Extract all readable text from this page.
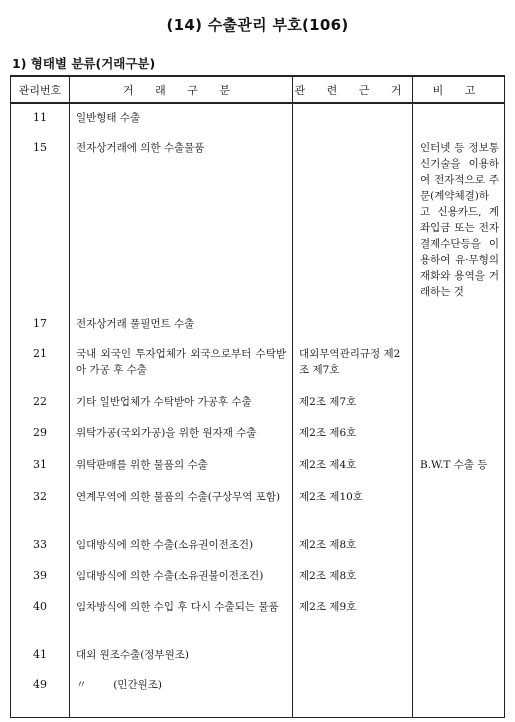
(14) 수출관리 부호(106)
1) 형태별 분류(거래구분)
관리번호	거 래 구 분	관 련 근 거	비 고
11	일반형태 수출		
15	전자상거래에 의한 수출물품		인터넷 등 정보통신기술을 이용하여 전자적으로 주문(계약체결)하고 신용카드, 계좌입금 또는 전자결제수단등을 이용하여 유·무형의 재화와 용역을 거래하는 것
17	전자상거래 풀필먼트 수출		
21	국내 외국인 투자업체가 외국으로부터 수탁받아 가공 후 수출	대외무역관리규정 제2조 제7호	
22	기타 일반업체가 수탁받아 가공후 수출	제2조 제7호	
29	위탁가공(국외가공)을 위한 원자재 수출	제2조 제6호	
31	위탁판매를 위한 물품의 수출	제2조 제4호	B.W.T 수출 등
32	연계무역에 의한 물품의 수출(구상무역 포함)	제2조 제10호	
33	임대방식에 의한 수출(소유권이전조건)	제2조 제8호	
39	임대방식에 의한 수출(소유권불이전조건)	제2조 제8호	
40	임차방식에 의한 수입 후 다시 수출되는 물품	제2조 제9호	
41	대외 원조수출(정부원조)		
49	〃        (민간원조)		
